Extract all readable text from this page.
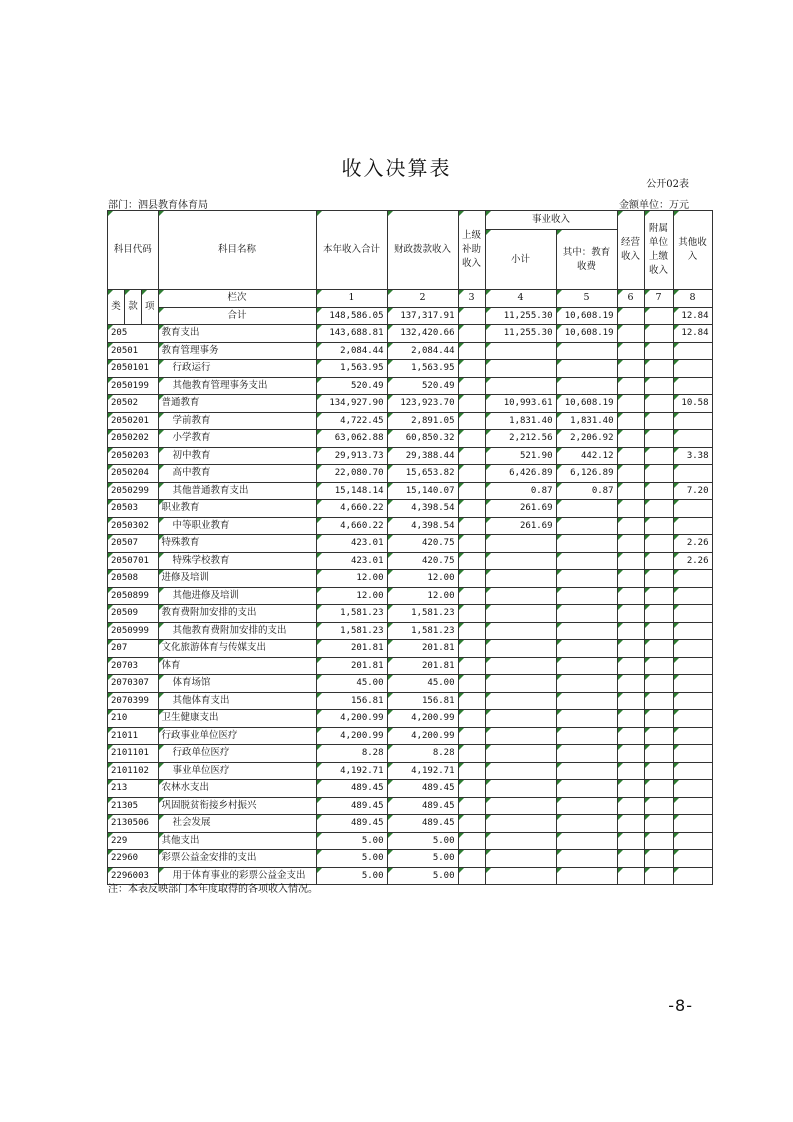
收入决算表
公开02表
部门：泗县教育体育局	金额单位：万元
科目代码			科目名称	本年收入合计	财政拨款收入	上级补助收入	事业收入		经营收入	附属单位上缴收入	其他收入
							小计	其中：教育收费			
类	款	项	栏次	1	2	3	4	5	6	7	8
			合计	148,586.05	137,317.91		11,255.30	10,608.19			12.84
205			教育支出	143,688.81	132,420.66		11,255.30	10,608.19			12.84
20501			教育管理事务	2,084.44	2,084.44						
2050101			行政运行	1,563.95	1,563.95						
2050199			其他教育管理事务支出	520.49	520.49						
20502			普通教育	134,927.90	123,923.70		10,993.61	10,608.19			10.58
2050201			学前教育	4,722.45	2,891.05		1,831.40	1,831.40			
2050202			小学教育	63,062.88	60,850.32		2,212.56	2,206.92			
2050203			初中教育	29,913.73	29,388.44		521.90	442.12			3.38
2050204			高中教育	22,080.70	15,653.82		6,426.89	6,126.89			
2050299			其他普通教育支出	15,148.14	15,140.07		0.87	0.87			7.20
20503			职业教育	4,660.22	4,398.54		261.69				
2050302			中等职业教育	4,660.22	4,398.54		261.69				
20507			特殊教育	423.01	420.75						2.26
2050701			特殊学校教育	423.01	420.75						2.26
20508			进修及培训	12.00	12.00						
2050899			其他进修及培训	12.00	12.00						
20509			教育费附加安排的支出	1,581.23	1,581.23						
2050999			其他教育费附加安排的支出	1,581.23	1,581.23						
207			文化旅游体育与传媒支出	201.81	201.81						
20703			体育	201.81	201.81						
2070307			体育场馆	45.00	45.00						
2070399			其他体育支出	156.81	156.81						
210			卫生健康支出	4,200.99	4,200.99						
21011			行政事业单位医疗	4,200.99	4,200.99						
2101101			行政单位医疗	8.28	8.28						
2101102			事业单位医疗	4,192.71	4,192.71						
213			农林水支出	489.45	489.45						
21305			巩固脱贫衔接乡村振兴	489.45	489.45						
2130506			社会发展	489.45	489.45						
229			其他支出	5.00	5.00						
22960			彩票公益金安排的支出	5.00	5.00						
2296003			用于体育事业的彩票公益金支出	5.00	5.00						
注：本表反映部门本年度取得的各项收入情况。
-8-
